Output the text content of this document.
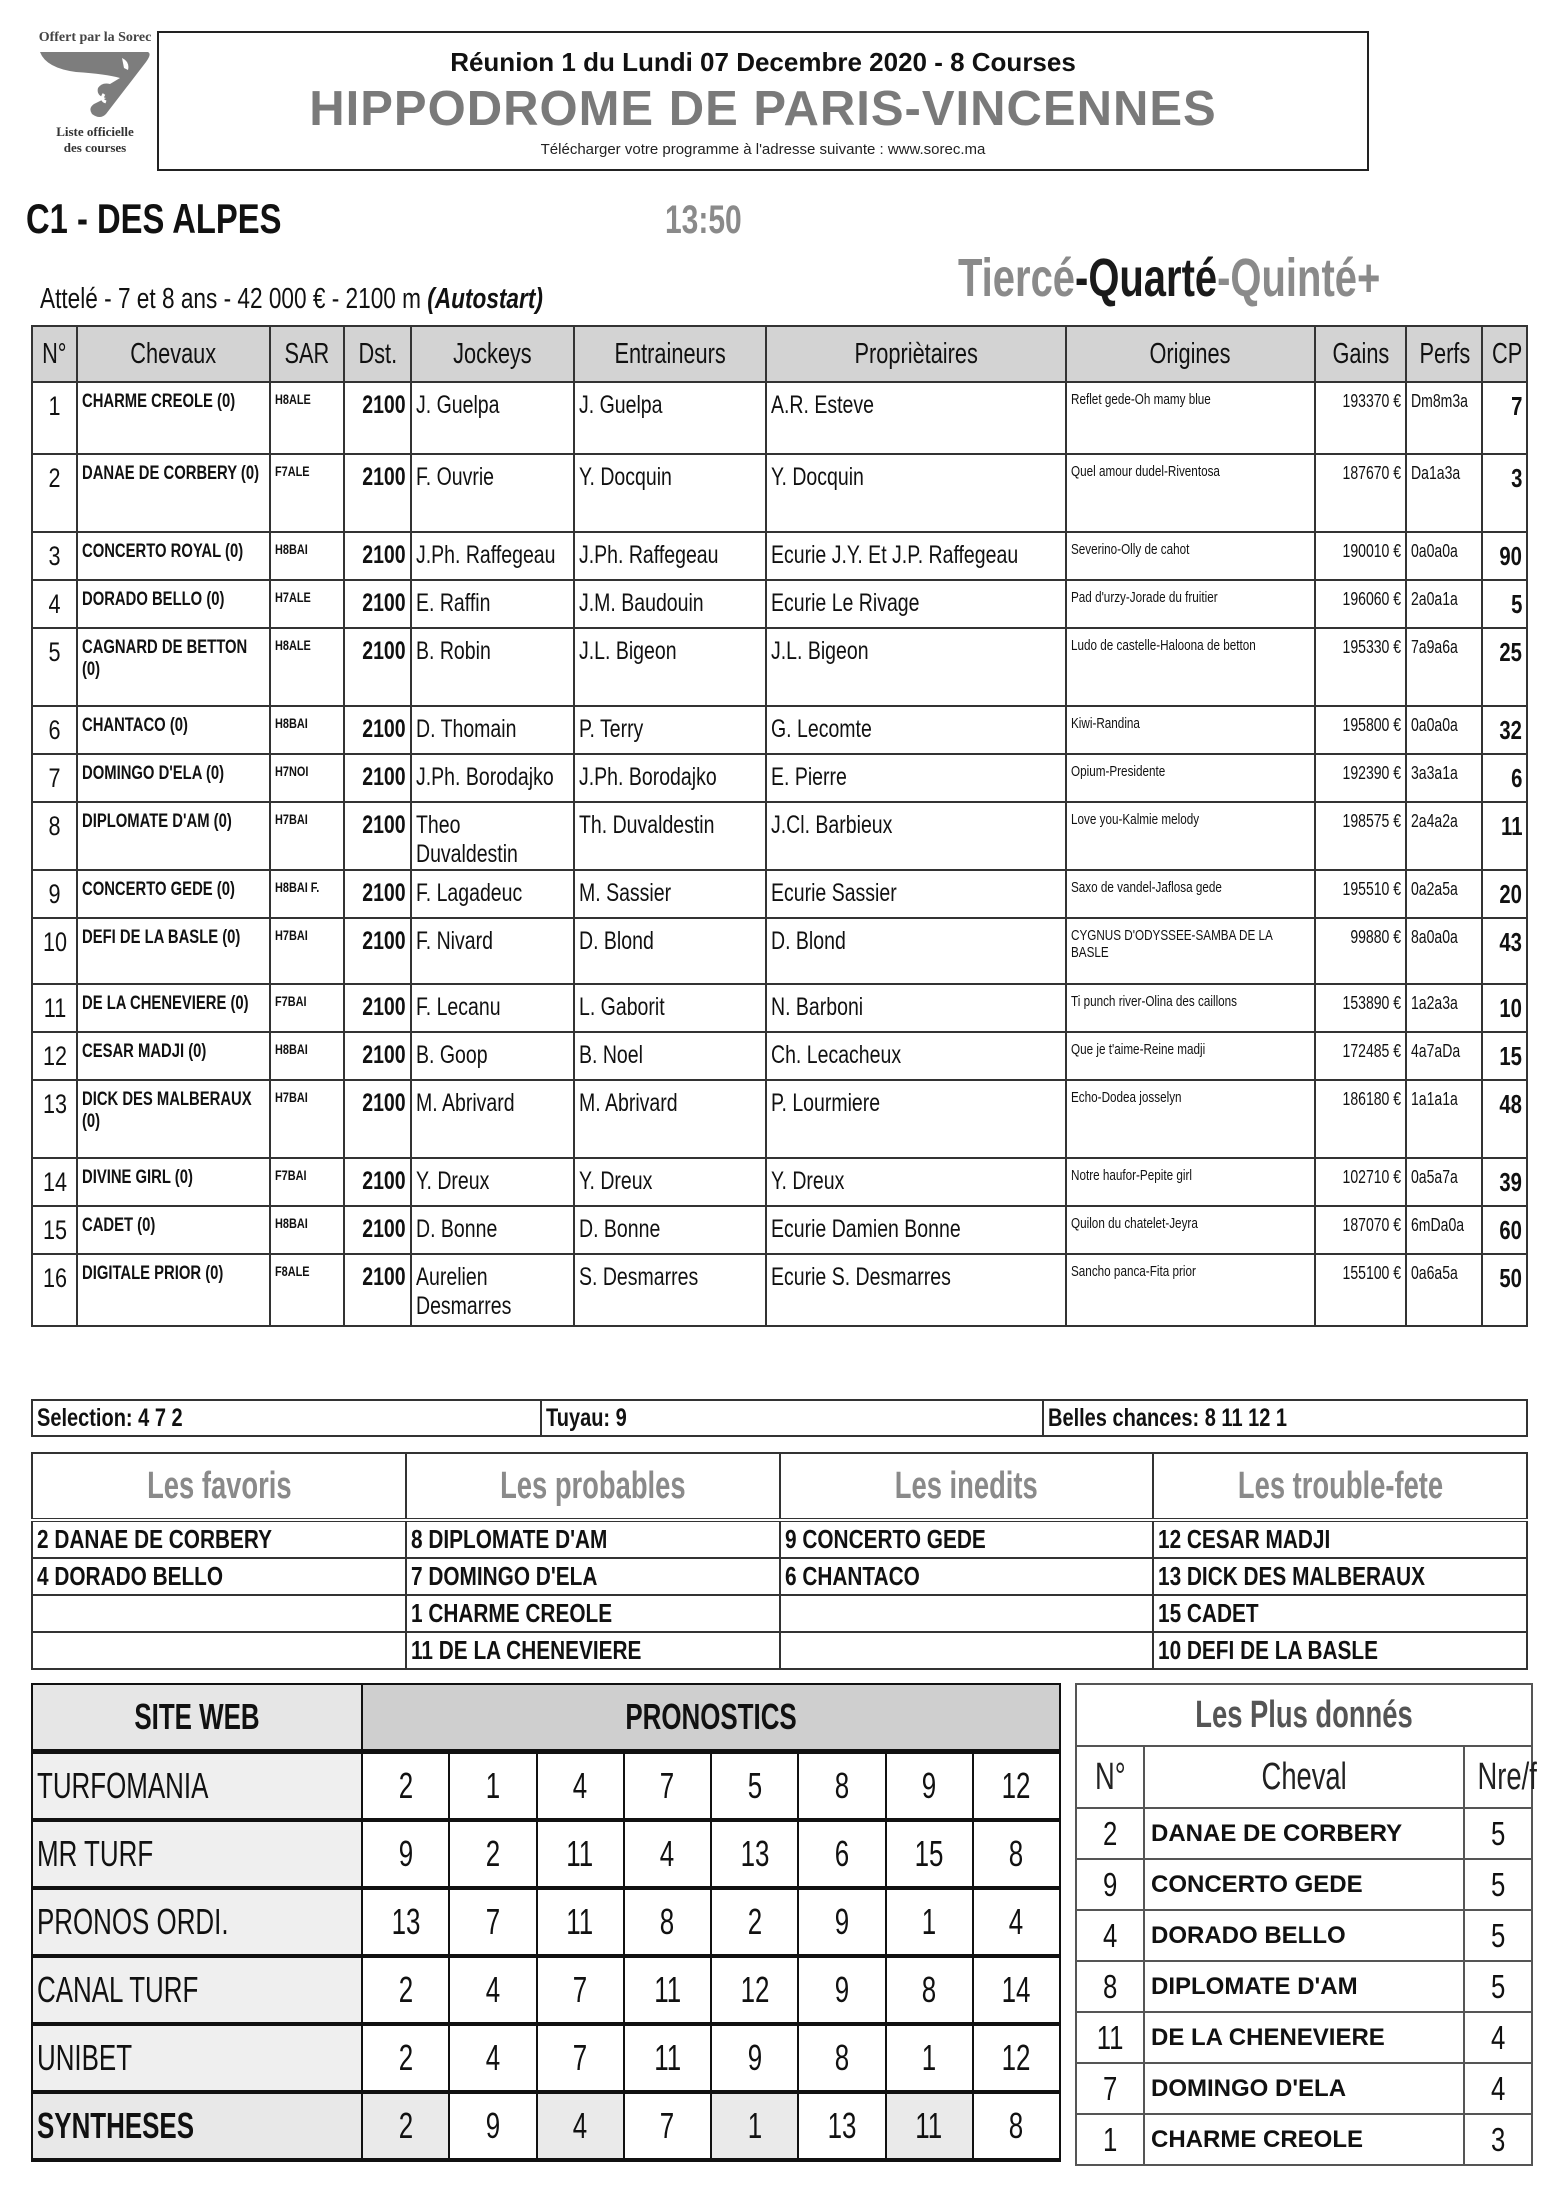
Offert par la Sorec
Liste officielle
des courses
Réunion 1 du Lundi 07 Decembre 2020 - 8 Courses
HIPPODROME DE PARIS-VINCENNES
Télécharger votre programme à l'adresse suivante : www.sorec.ma
C1 - DES ALPES	13:50
Attelé - 7 et 8 ans - 42 000 € - 2100 m (Autostart)	Tiercé-Quarté-Quinté+
N°	Chevaux	SAR	Dst.	Jockeys	Entraineurs	Propriètaires	Origines	Gains	Perfs	CP
1	CHARME CREOLE (0)	H8ALE	2100	J. Guelpa	J. Guelpa	A.R. Esteve	Reflet gede-Oh mamy blue	193370 €	Dm8m3a	7
2	DANAE DE CORBERY (0)	F7ALE	2100	F. Ouvrie	Y. Docquin	Y. Docquin	Quel amour dudel-Riventosa	187670 €	Da1a3a	3
3	CONCERTO ROYAL (0)	H8BAI	2100	J.Ph. Raffegeau	J.Ph. Raffegeau	Ecurie J.Y. Et J.P. Raffegeau	Severino-Olly de cahot	190010 €	0a0a0a	90
4	DORADO BELLO (0)	H7ALE	2100	E. Raffin	J.M. Baudouin	Ecurie Le Rivage	Pad d'urzy-Jorade du fruitier	196060 €	2a0a1a	5
5	CAGNARD DE BETTON (0)	H8ALE	2100	B. Robin	J.L. Bigeon	J.L. Bigeon	Ludo de castelle-Haloona de betton	195330 €	7a9a6a	25
6	CHANTACO (0)	H8BAI	2100	D. Thomain	P. Terry	G. Lecomte	Kiwi-Randina	195800 €	0a0a0a	32
7	DOMINGO D'ELA (0)	H7NOI	2100	J.Ph. Borodajko	J.Ph. Borodajko	E. Pierre	Opium-Presidente	192390 €	3a3a1a	6
8	DIPLOMATE D'AM (0)	H7BAI	2100	Theo Duvaldestin	Th. Duvaldestin	J.Cl. Barbieux	Love you-Kalmie melody	198575 €	2a4a2a	11
9	CONCERTO GEDE (0)	H8BAI F.	2100	F. Lagadeuc	M. Sassier	Ecurie Sassier	Saxo de vandel-Jaflosa gede	195510 €	0a2a5a	20
10	DEFI DE LA BASLE (0)	H7BAI	2100	F. Nivard	D. Blond	D. Blond	CYGNUS D'ODYSSEE-SAMBA DE LA BASLE	99880 €	8a0a0a	43
11	DE LA CHENEVIERE (0)	F7BAI	2100	F. Lecanu	L. Gaborit	N. Barboni	Ti punch river-Olina des caillons	153890 €	1a2a3a	10
12	CESAR MADJI (0)	H8BAI	2100	B. Goop	B. Noel	Ch. Lecacheux	Que je t'aime-Reine madji	172485 €	4a7aDa	15
13	DICK DES MALBERAUX (0)	H7BAI	2100	M. Abrivard	M. Abrivard	P. Lourmiere	Echo-Dodea josselyn	186180 €	1a1a1a	48
14	DIVINE GIRL (0)	F7BAI	2100	Y. Dreux	Y. Dreux	Y. Dreux	Notre haufor-Pepite girl	102710 €	0a5a7a	39
15	CADET (0)	H8BAI	2100	D. Bonne	D. Bonne	Ecurie Damien Bonne	Quilon du chatelet-Jeyra	187070 €	6mDa0a	60
16	DIGITALE PRIOR (0)	F8ALE	2100	Aurelien Desmarres	S. Desmarres	Ecurie S. Desmarres	Sancho panca-Fita prior	155100 €	0a6a5a	50
Selection: 4 7 2	Tuyau: 9	Belles chances: 8 11 12 1
Les favoris	Les probables	Les inedits	Les trouble-fete
2 DANAE DE CORBERY	8 DIPLOMATE D'AM	9 CONCERTO GEDE	12 CESAR MADJI
4 DORADO BELLO	7 DOMINGO D'ELA	6 CHANTACO	13 DICK DES MALBERAUX
	1 CHARME CREOLE		15 CADET
	11 DE LA CHENEVIERE		10 DEFI DE LA BASLE
SITE WEB	PRONOSTICS							
TURFOMANIA	2	1	4	7	5	8	9	12
MR TURF	9	2	11	4	13	6	15	8
PRONOS ORDI.	13	7	11	8	2	9	1	4
CANAL TURF	2	4	7	11	12	9	8	14
UNIBET	2	4	7	11	9	8	1	12
SYNTHESES	2	9	4	7	1	13	11	8
Les Plus donnés		
N°	Cheval	Nre/f
2	DANAE DE CORBERY	5
9	CONCERTO GEDE	5
4	DORADO BELLO	5
8	DIPLOMATE D'AM	5
11	DE LA CHENEVIERE	4
7	DOMINGO D'ELA	4
1	CHARME CREOLE	3
